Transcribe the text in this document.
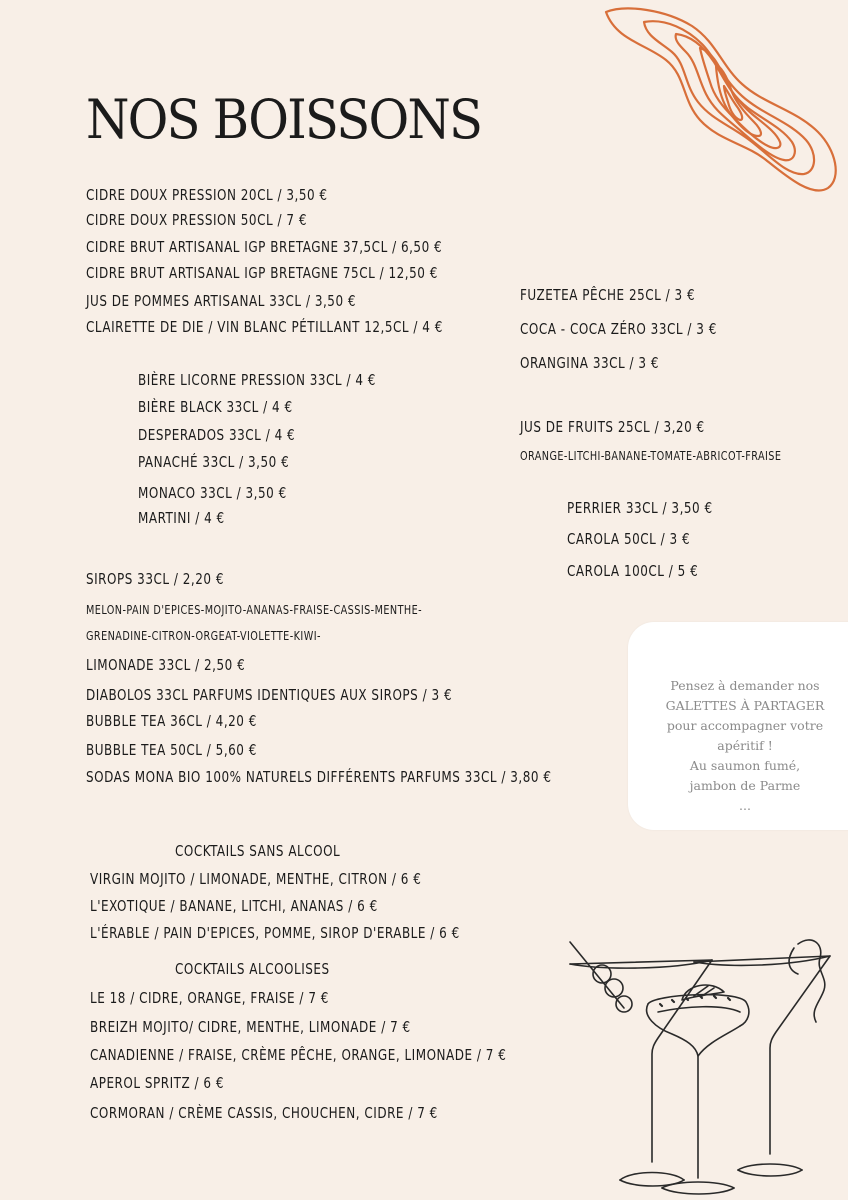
NOS BOISSONS
CIDRE DOUX PRESSION 20CL / 3,50 €
CIDRE DOUX PRESSION 50CL / 7 €
CIDRE BRUT ARTISANAL IGP BRETAGNE 37,5CL / 6,50 €
CIDRE BRUT ARTISANAL IGP BRETAGNE 75CL / 12,50 €
JUS DE POMMES ARTISANAL 33CL / 3,50 €
CLAIRETTE DE DIE / VIN BLANC PÉTILLANT 12,5CL / 4 €
BIÈRE LICORNE PRESSION 33CL / 4 €
BIÈRE BLACK 33CL / 4 €
DESPERADOS 33CL / 4 €
PANACHÉ 33CL / 3,50 €
MONACO 33CL / 3,50 €
MARTINI / 4 €
FUZETEA PÊCHE 25CL / 3 €
COCA - COCA ZÉRO 33CL / 3 €
ORANGINA 33CL / 3 €
JUS DE FRUITS 25CL / 3,20 €
ORANGE-LITCHI-BANANE-TOMATE-ABRICOT-FRAISE
PERRIER 33CL / 3,50 €
CAROLA 50CL / 3 €
CAROLA 100CL / 5 €
SIROPS 33CL / 2,20 €
MELON-PAIN D'EPICES-MOJITO-ANANAS-FRAISE-CASSIS-MENTHE-
GRENADINE-CITRON-ORGEAT-VIOLETTE-KIWI-
LIMONADE 33CL / 2,50 €
DIABOLOS 33CL PARFUMS IDENTIQUES AUX SIROPS / 3 €
BUBBLE TEA 36CL / 4,20 €
BUBBLE TEA 50CL / 5,60 €
SODAS MONA BIO 100% NATURELS DIFFÉRENTS PARFUMS 33CL / 3,80 €
Pensez à demander nos
GALETTES À PARTAGER
pour accompagner votre
apéritif !
Au saumon fumé,
jambon de Parme
...
COCKTAILS SANS ALCOOL
VIRGIN MOJITO / LIMONADE, MENTHE, CITRON / 6 €
L'EXOTIQUE / BANANE, LITCHI, ANANAS / 6 €
L'ÉRABLE / PAIN D'EPICES, POMME, SIROP D'ERABLE / 6 €
COCKTAILS ALCOOLISES
LE 18 / CIDRE, ORANGE, FRAISE / 7 €
BREIZH MOJITO/ CIDRE, MENTHE, LIMONADE / 7 €
CANADIENNE / FRAISE, CRÈME PÊCHE, ORANGE, LIMONADE / 7 €
APEROL SPRITZ / 6 €
CORMORAN / CRÈME CASSIS, CHOUCHEN, CIDRE / 7 €
